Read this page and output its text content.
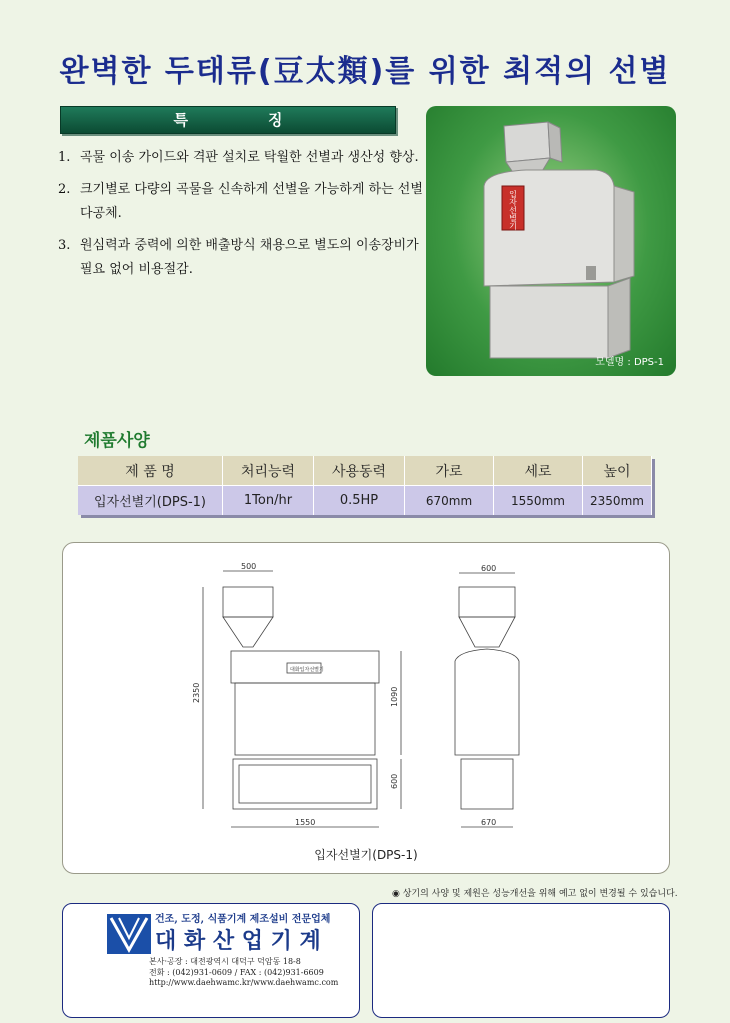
완벽한 두태류(豆太類)를 위한 최적의 선별
특징
1. 곡물 이송 가이드와 격판 설치로 탁월한 선별과 생산성 향상.
2. 크기별로 다량의 곡물을 신속하게 선별을 가능하게 하는 선별
다공체.
3. 원심력과 중력에 의한 배출방식 채용으로 별도의 이송장비가
필요 없어 비용절감.
입자선별기
모델명 : DPS-1
제품사양
제 품 명	처리능력	사용동력	가로	세로	높이
입자선별기(DPS-1)	1Ton/hr	0.5HP	670mm	1550mm	2350mm
500
대화입자선별기
2350	1090
600
1550
600
670
입자선별기(DPS-1)
◉ 상기의 사양 및 제원은 성능개선을 위해 예고 없이 변경될 수 있습니다.
건조, 도정, 식품기계 제조설비 전문업체
대 화 산 업 기 계
본사·공장 : 대전광역시 대덕구 덕암동 18-8
전화 : (042)931-0609 / FAX : (042)931-6609
http://www.daehwamc.kr/www.daehwamc.com
